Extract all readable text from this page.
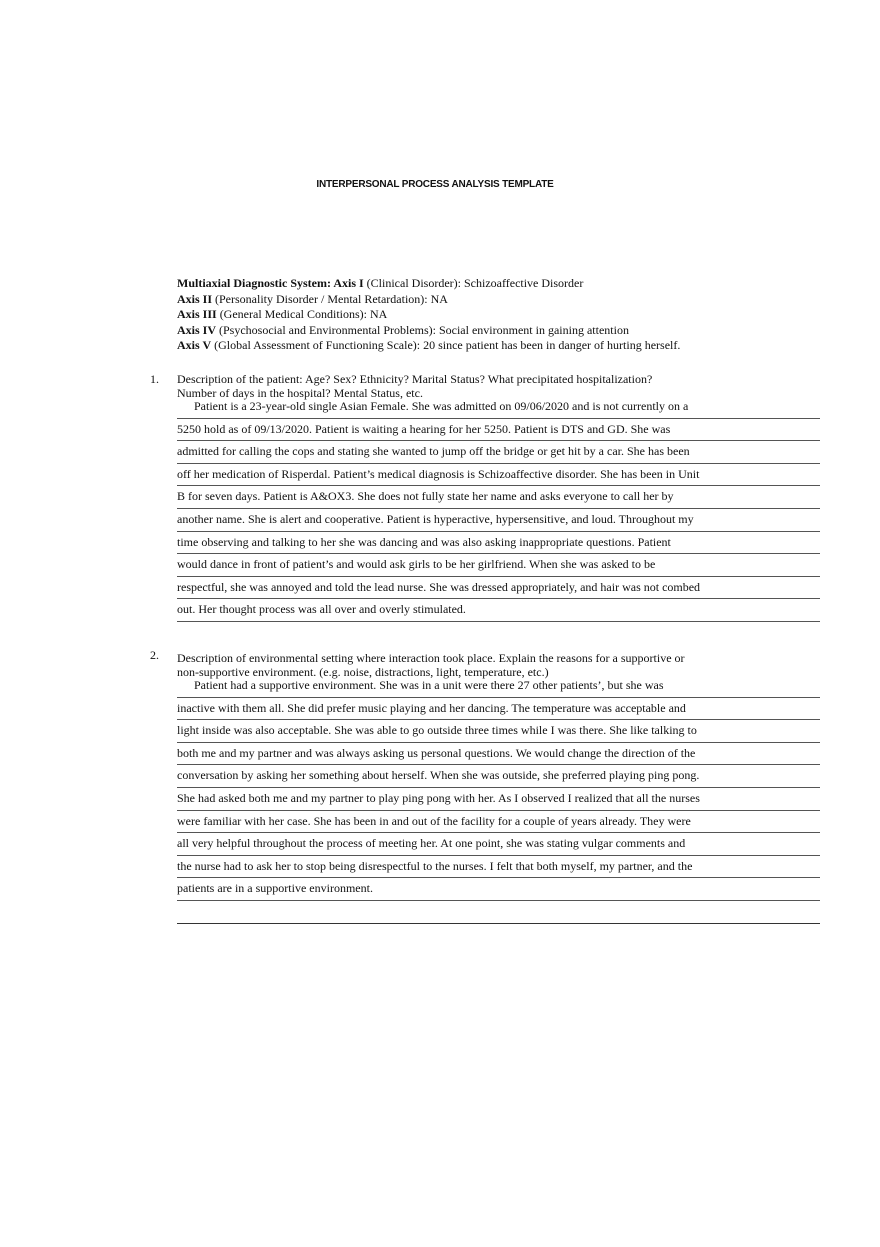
INTERPERSONAL PROCESS ANALYSIS TEMPLATE
Multiaxial Diagnostic System: Axis I (Clinical Disorder): Schizoaffective Disorder
Axis II (Personality Disorder / Mental Retardation): NA
Axis III (General Medical Conditions): NA
Axis IV (Psychosocial and Environmental Problems): Social environment in gaining attention
Axis V (Global Assessment of Functioning Scale): 20 since patient has been in danger of hurting herself.
1. Description of the patient: Age? Sex? Ethnicity? Marital Status? What precipitated hospitalization?
Number of days in the hospital? Mental Status, etc.
Patient is a 23-year-old single Asian Female. She was admitted on 09/06/2020 and is not currently on a
5250 hold as of 09/13/2020. Patient is waiting a hearing for her 5250. Patient is DTS and GD. She was
admitted for calling the cops and stating she wanted to jump off the bridge or get hit by a car. She has been
off her medication of Risperdal. Patient’s medical diagnosis is Schizoaffective disorder. She has been in Unit
B for seven days. Patient is A&OX3. She does not fully state her name and asks everyone to call her by
another name. She is alert and cooperative. Patient is hyperactive, hypersensitive, and loud. Throughout my
time observing and talking to her she was dancing and was also asking inappropriate questions. Patient
would dance in front of patient’s and would ask girls to be her girlfriend. When she was asked to be
respectful, she was annoyed and told the lead nurse. She was dressed appropriately, and hair was not combed
out. Her thought process was all over and overly stimulated.
2. Description of environmental setting where interaction took place. Explain the reasons for a supportive or
non-supportive environment. (e.g. noise, distractions, light, temperature, etc.)
Patient had a supportive environment. She was in a unit were there 27 other patients’, but she was
inactive with them all. She did prefer music playing and her dancing. The temperature was acceptable and
light inside was also acceptable. She was able to go outside three times while I was there. She like talking to
both me and my partner and was always asking us personal questions. We would change the direction of the
conversation by asking her something about herself. When she was outside, she preferred playing ping pong.
She had asked both me and my partner to play ping pong with her. As I observed I realized that all the nurses
were familiar with her case. She has been in and out of the facility for a couple of years already. They were
all very helpful throughout the process of meeting her. At one point, she was stating vulgar comments and
the nurse had to ask her to stop being disrespectful to the nurses. I felt that both myself, my partner, and the
patients are in a supportive environment.
